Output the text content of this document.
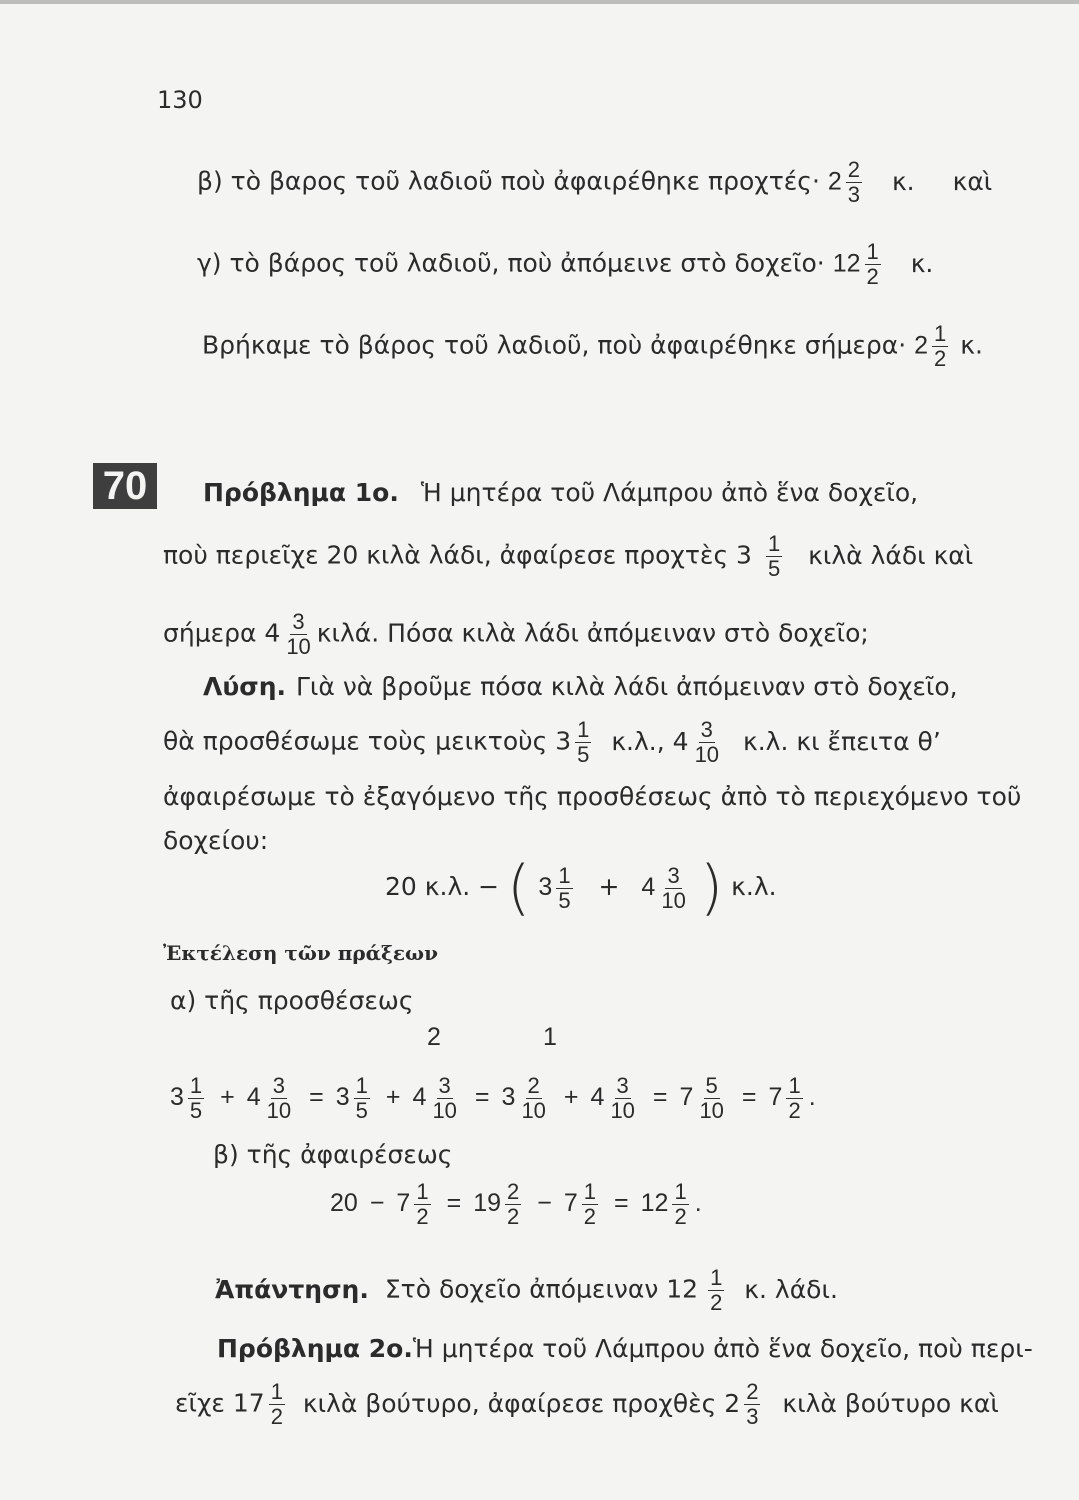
130
β) τὸ βαρος τοῦ λαδιοῦ ποὺ ἀφαιρέθηκε $\pi\rho o\chi\tau έ\varsigma\cdot 2 \frac{2}{3} \kappa$. καὶ
γ) τὸ βάρος τοῦ λαδιοῦ, ποὺ ἀπόμεινε στὸ δοχεῖο· $12 \frac{1}{2} \kappa$.
Βρήκαμε τὸ βάρος τοῦ λαδιοῦ, ποὺ ἀφαιρέθηκε $\sigma ή\mu\varepsilon\rho\alpha\cdot 2 \frac{1}{2} \kappa$.
70	Πρόβλημα 1ο. Ἡ μητέρα τοῦ Λάμπρου ἀπὸ ἕνα δοχεῖο,
ποὺ περιεῖχε 20 κιλὰ λάδι, ἀφαίρεσε προχτὲς $3 \frac{1}{5}$ κιλὰ λάδι καὶ
σήμερα $4 \frac{3}{10} \kappa\iota\lambda ά$. Πόσα κιλὰ λάδι ἀπόμειναν στὸ δοχεῖο;
Λύση. Γιὰ νὰ βροῦμε πόσα κιλὰ λάδι ἀπόμειναν στὸ δοχεῖο,
θὰ προσθέσωμε τοὺς μεικτοὺς $3 \frac{1}{5} \kappa.\lambda$., $4 \frac{3}{10} \kappa.\lambda$. κι ἔπειτα θ’
ἀφαιρέσωμε τὸ ἐξαγόμενο τῆς προσθέσεως ἀπὸ τὸ περιεχόμενο τοῦ
δοχείου:
20 κ.λ. − ( $3 \frac{1}{5} + 4 \frac{3}{10}$ ) κ.λ.
Ἐκτέλεση τῶν πράξεων
α) τῆς προσθέσεως
2	1
$3 \frac{1}{5} + 4 \frac{3}{10} = 3 \frac{1}{5} + 4 \frac{3}{10} = 3 \frac{2}{10} + 4 \frac{3}{10} = 7 \frac{5}{10} = 7 \frac{1}{2}$ .
β) τῆς ἀφαιρέσεως
$20 - 7 \frac{1}{2} = 19 \frac{2}{2} - 7 \frac{1}{2} = 12 \frac{1}{2}$ .
Ἀπάντηση. Στὸ δοχεῖο ἀπόμειναν $12 \frac{1}{2} \kappa$. λάδι.
Πρόβλημα 2ο.Ἡ μητέρα τοῦ Λάμπρου ἀπὸ ἕνα δοχεῖο, ποὺ περι-
εῖχε $17 \frac{1}{2}$ κιλὰ βούτυρο, ἀφαίρεσε προχθὲς $2 \frac{2}{3}$ κιλὰ βούτυρο καὶ
